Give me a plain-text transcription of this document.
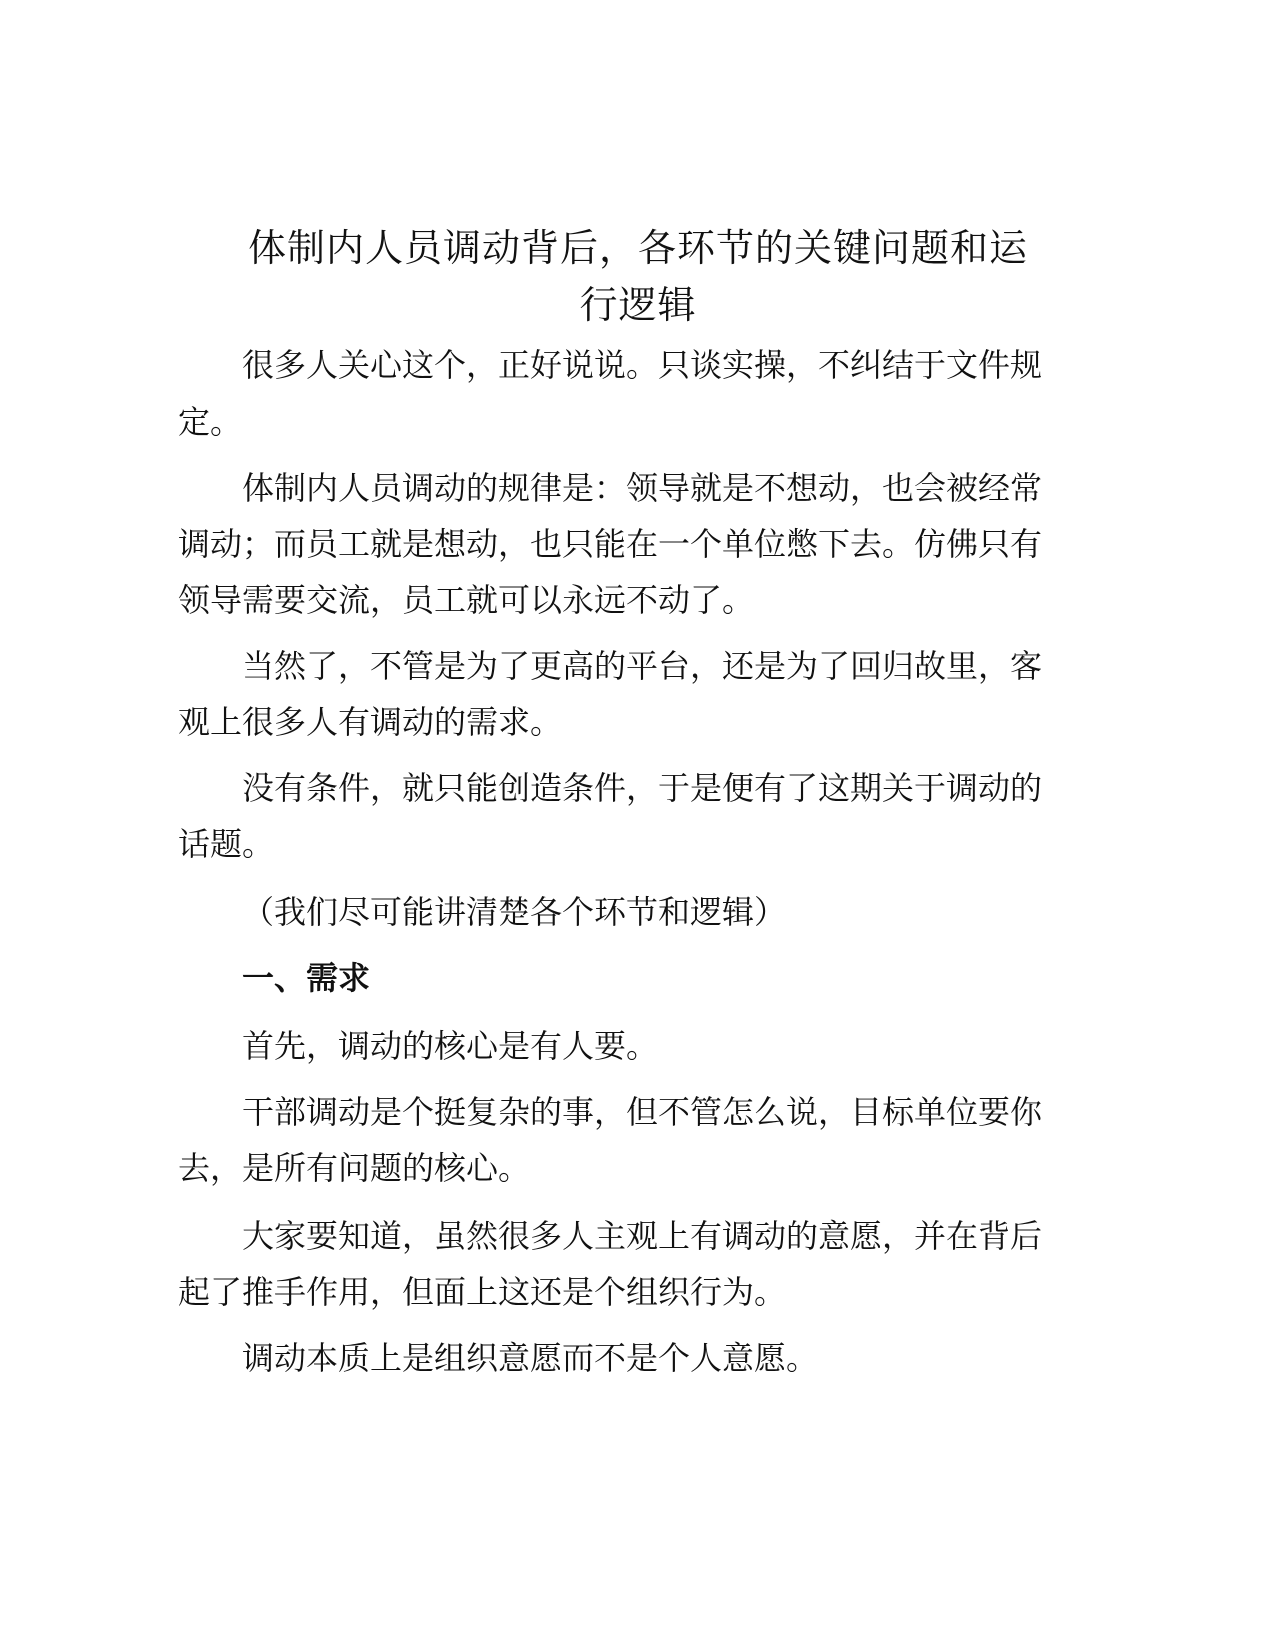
体制内人员调动背后，各环节的关键问题和运
行逻辑

很多人关心这个，正好说说。只谈实操，不纠结于文件规

定。

体制内人员调动的规律是：领导就是不想动，也会被经常

调动；而员工就是想动，也只能在一个单位憋下去。仿佛只有

领导需要交流，员工就可以永远不动了。

当然了，不管是为了更高的平台，还是为了回归故里，客

观上很多人有调动的需求。

没有条件，就只能创造条件，于是便有了这期关于调动的

话题。

（我们尽可能讲清楚各个环节和逻辑）

一、需求

首先，调动的核心是有人要。

干部调动是个挺复杂的事，但不管怎么说，目标单位要你

去，是所有问题的核心。

大家要知道，虽然很多人主观上有调动的意愿，并在背后

起了推手作用，但面上这还是个组织行为。

调动本质上是组织意愿而不是个人意愿。
